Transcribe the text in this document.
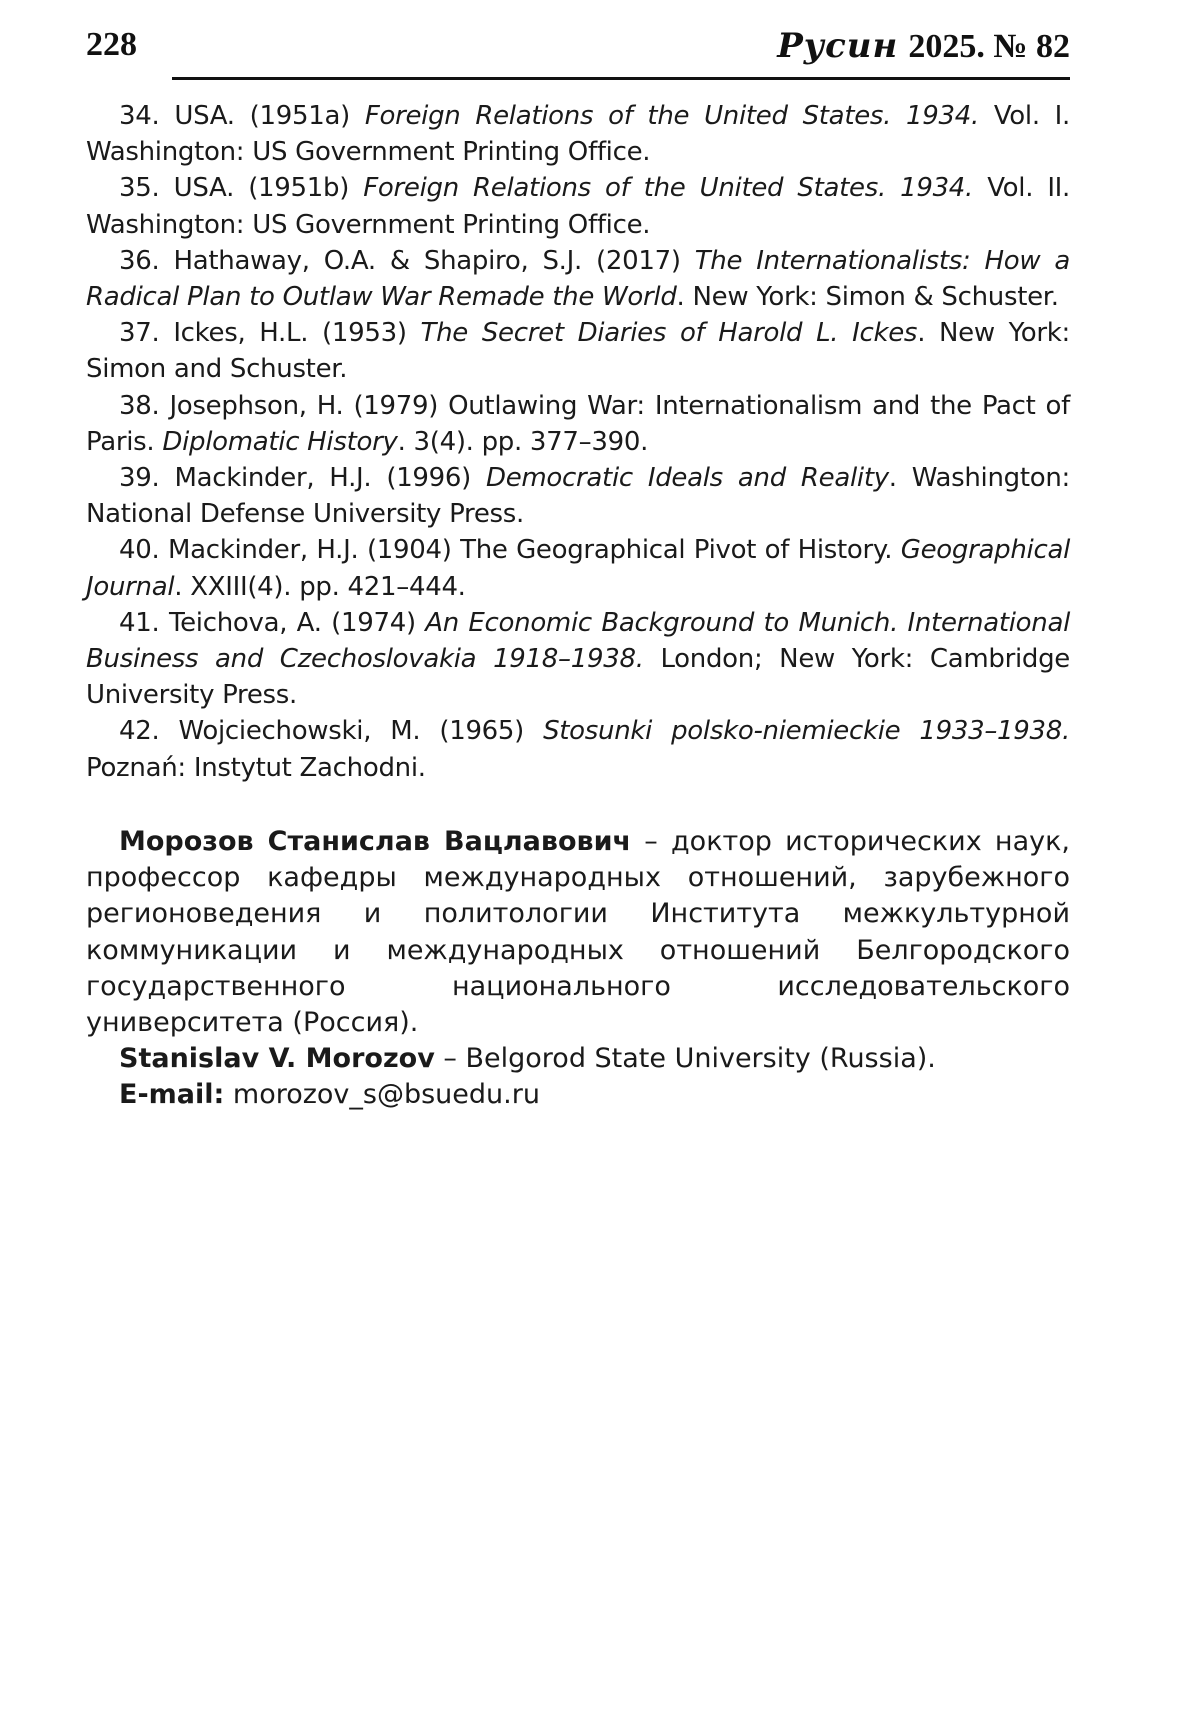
228	Русин 2025. № 82

34. USA. (1951a) Foreign Relations of the United States. 1934. Vol. I. Washington: US Government Printing Office.

35. USA. (1951b) Foreign Relations of the United States. 1934. Vol. II. Washington: US Government Printing Office.

36. Hathaway, O.A. & Shapiro, S.J. (2017) The Internationalists: How a Radical Plan to Outlaw War Remade the World. New York: Simon & Schuster.

37. Ickes, H.L. (1953) The Secret Diaries of Harold L. Ickes. New York: Simon and Schuster.

38. Josephson, H. (1979) Outlawing War: Internationalism and the Pact of Paris. Diplomatic History. 3(4). pp. 377–390.

39. Mackinder, H.J. (1996) Democratic Ideals and Reality. Washington: National Defense University Press.

40. Mackinder, H.J. (1904) The Geographical Pivot of History. Geographical Journal. XXIII(4). pp. 421–444.

41. Teichova, A. (1974) An Economic Background to Munich. International Business and Czechoslovakia 1918–1938. London; New York: Cambridge University Press.

42. Wojciechowski, M. (1965) Stosunki polsko-niemieckie 1933–1938. Poznań: Instytut Zachodni.

Морозов Станислав Вацлавович – доктор исторических наук, профессор кафедры международных отношений, зарубежного регионоведения и политологии Института межкультурной коммуникации и международных отношений Белгородского государственного национального исследовательского университета (Россия).

Stanislav V. Morozov – Belgorod State University (Russia).

E-mail: morozov_s@bsuedu.ru
